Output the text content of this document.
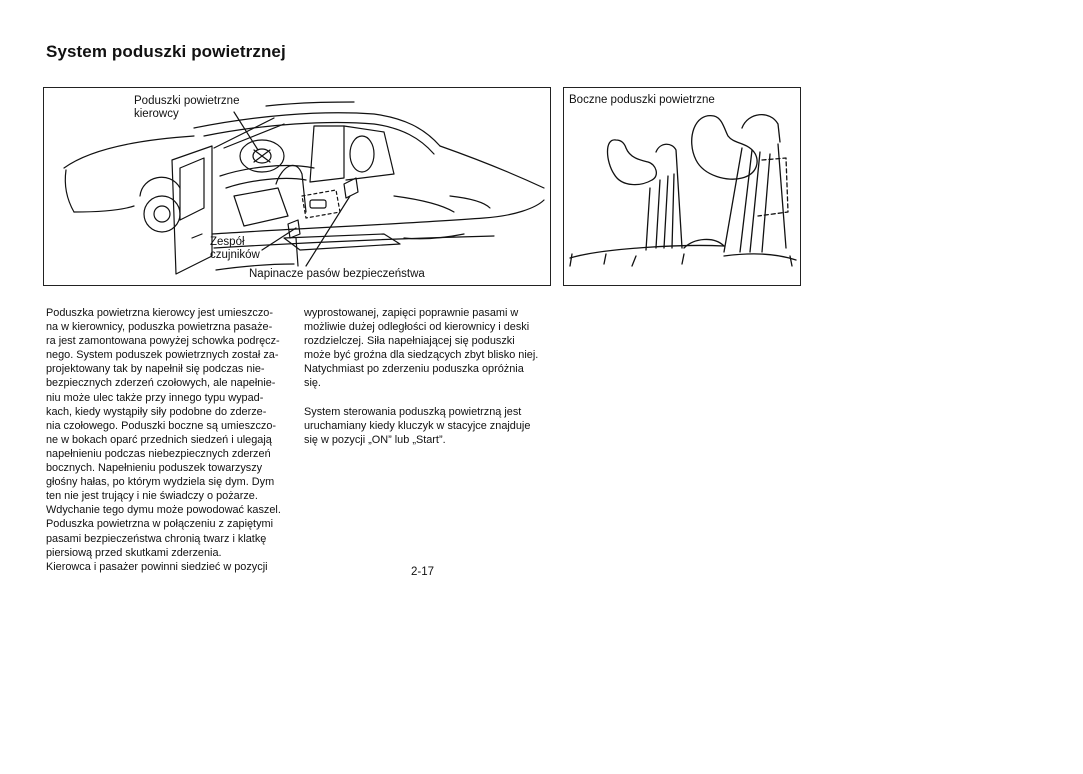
System poduszki powietrznej
Poduszki powietrzne
kierowcy
Zespół
czujników
Napinacze pasów bezpieczeństwa
Boczne poduszki powietrzne
Poduszka powietrzna kierowcy jest umieszczo-
na w kierownicy, poduszka powietrzna pasaże-
ra jest zamontowana powyżej schowka podręcz-
nego. System poduszek powietrznych został za-
projektowany tak by napełnił się podczas nie-
bezpiecznych zderzeń czołowych, ale napełnie-
niu może ulec także przy innego typu wypad-
kach, kiedy wystąpiły siły podobne do zderze-
nia czołowego. Poduszki boczne są umieszczo-
ne w bokach oparć przednich siedzeń i ulegają
napełnieniu podczas niebezpiecznych zderzeń
bocznych. Napełnieniu poduszek towarzyszy
głośny hałas, po którym wydziela się dym. Dym
ten nie jest trujący i nie świadczy o pożarze.
Wdychanie tego dymu może powodować kaszel.
Poduszka powietrzna w połączeniu z zapiętymi
pasami bezpieczeństwa chronią twarz i klatkę
piersiową przed skutkami zderzenia.
Kierowca i pasażer powinni siedzieć w pozycji
wyprostowanej, zapięci poprawnie pasami w
możliwie dużej odległości od kierownicy i deski
rozdzielczej. Siła napełniającej się poduszki
może być groźna dla siedzących zbyt blisko niej.
Natychmiast po zderzeniu poduszka opróżnia
się.
System sterowania poduszką powietrzną jest
uruchamiany kiedy kluczyk w stacyjce znajduje
się w pozycji „ON” lub „Start”.
2-17
